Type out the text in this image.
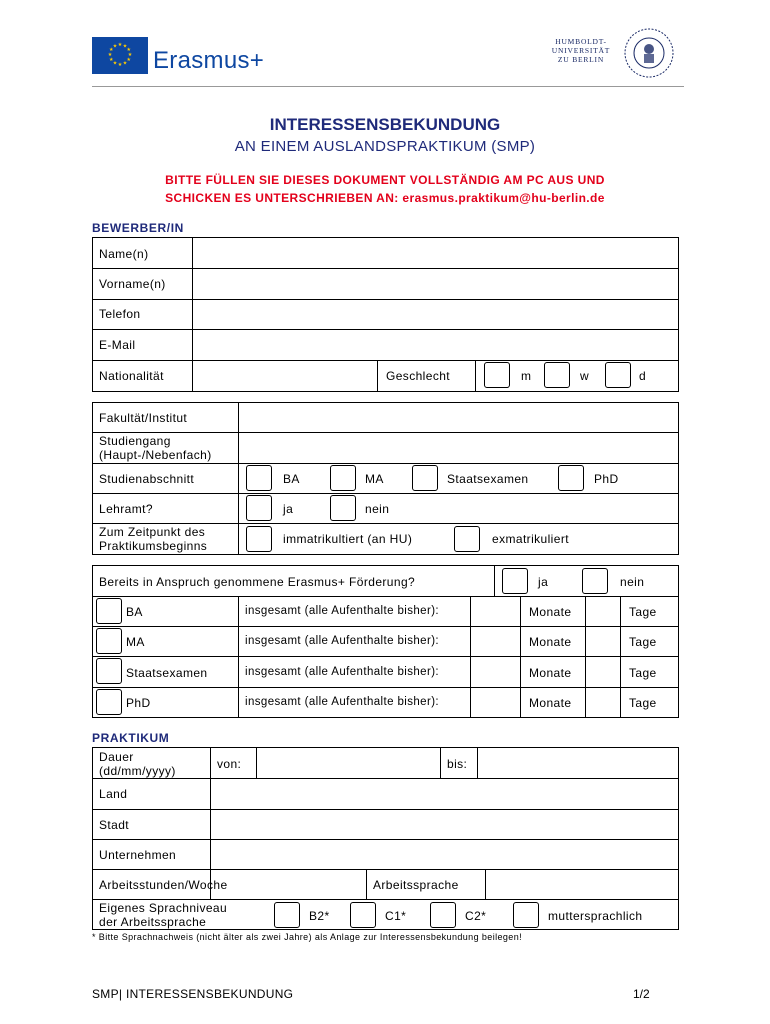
★ ★
★
★
★
★
★
★
★
★
★
★
Erasmus+
HUMBOLDT-
UNIVERSITÄT
ZU BERLIN
INTERESSENSBEKUNDUNG
AN EINEM AUSLANDSPRAKTIKUM (SMP)
BITTE FÜLLEN SIE DIESES DOKUMENT VOLLSTÄNDIG AM PC AUS UND
SCHICKEN ES UNTERSCHRIEBEN AN: erasmus.praktikum@hu-berlin.de
BEWERBER/IN
Name(n)
Vorname(n)
Telefon
E-Mail
Nationalität	Geschlecht	m	w	d
Fakultät/Institut
Studiengang
(Haupt-/Nebenfach)
Studienabschnitt	BA	MA	Staatsexamen	PhD
Lehramt?	ja	nein
Zum Zeitpunkt des
Praktikumsbeginns	immatrikultiert (an HU)	exmatrikuliert
Bereits in Anspruch genommene Erasmus+ Förderung?	ja	nein
BA	insgesamt (alle Aufenthalte bisher):	Monate	Tage
MA	insgesamt (alle Aufenthalte bisher):	Monate	Tage
Staatsexamen	insgesamt (alle Aufenthalte bisher):	Monate	Tage
PhD	insgesamt (alle Aufenthalte bisher):	Monate	Tage
PRAKTIKUM
Dauer
(dd/mm/yyyy)	von:	bis:
Land
Stadt
Unternehmen
Arbeitsstunden/Woche	Arbeitssprache
Eigenes Sprachniveau
der Arbeitssprache	B2*	C1*	C2*	muttersprachlich
* Bitte Sprachnachweis (nicht älter als zwei Jahre) als Anlage zur Interessensbekundung beilegen!
SMP| INTERESSENSBEKUNDUNG	1/2
